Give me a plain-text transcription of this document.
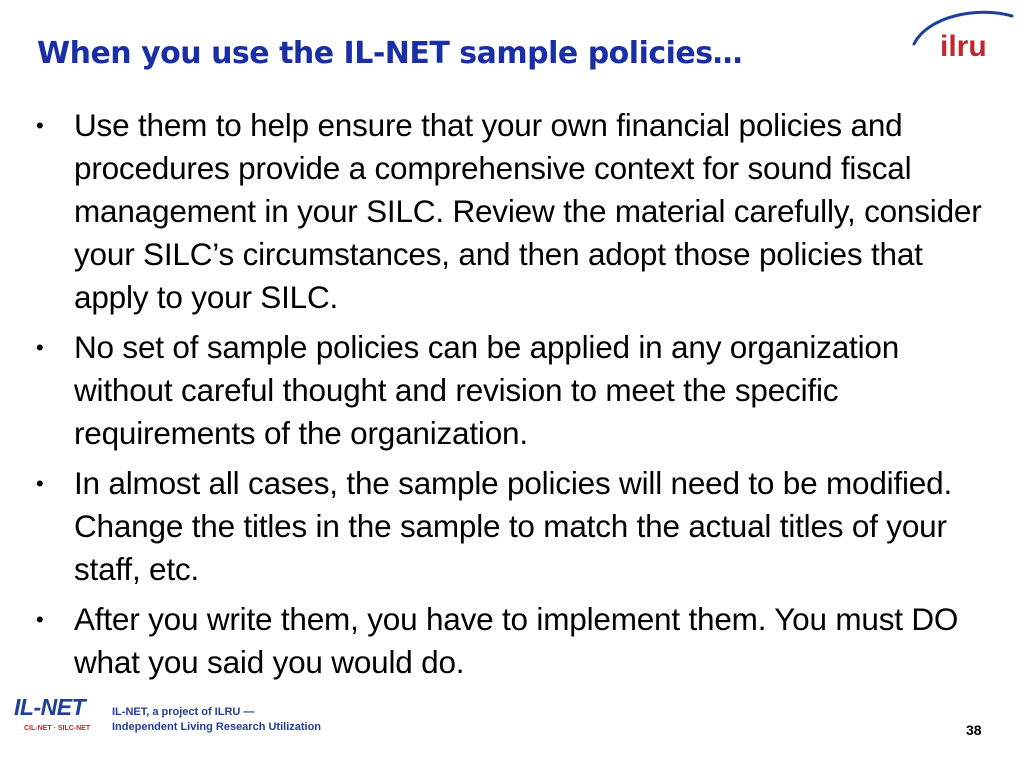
When you use the IL-NET sample policies…	ilru
• Use them to help ensure that your own financial policies and procedures provide a comprehensive context for sound fiscal management in your SILC. Review the material carefully, consider your SILC’s circumstances, and then adopt those policies that apply to your SILC.
• No set of sample policies can be applied in any organization without careful thought and revision to meet the specific requirements of the organization.
• In almost all cases, the sample policies will need to be modified. Change the titles in the sample to match the actual titles of your staff, etc.
• After you write them, you have to implement them. You must DO what you said you would do.
IL-NET
CIL-NET · SILC-NET
IL-NET, a project of ILRU —
Independent Living Research Utilization	38
